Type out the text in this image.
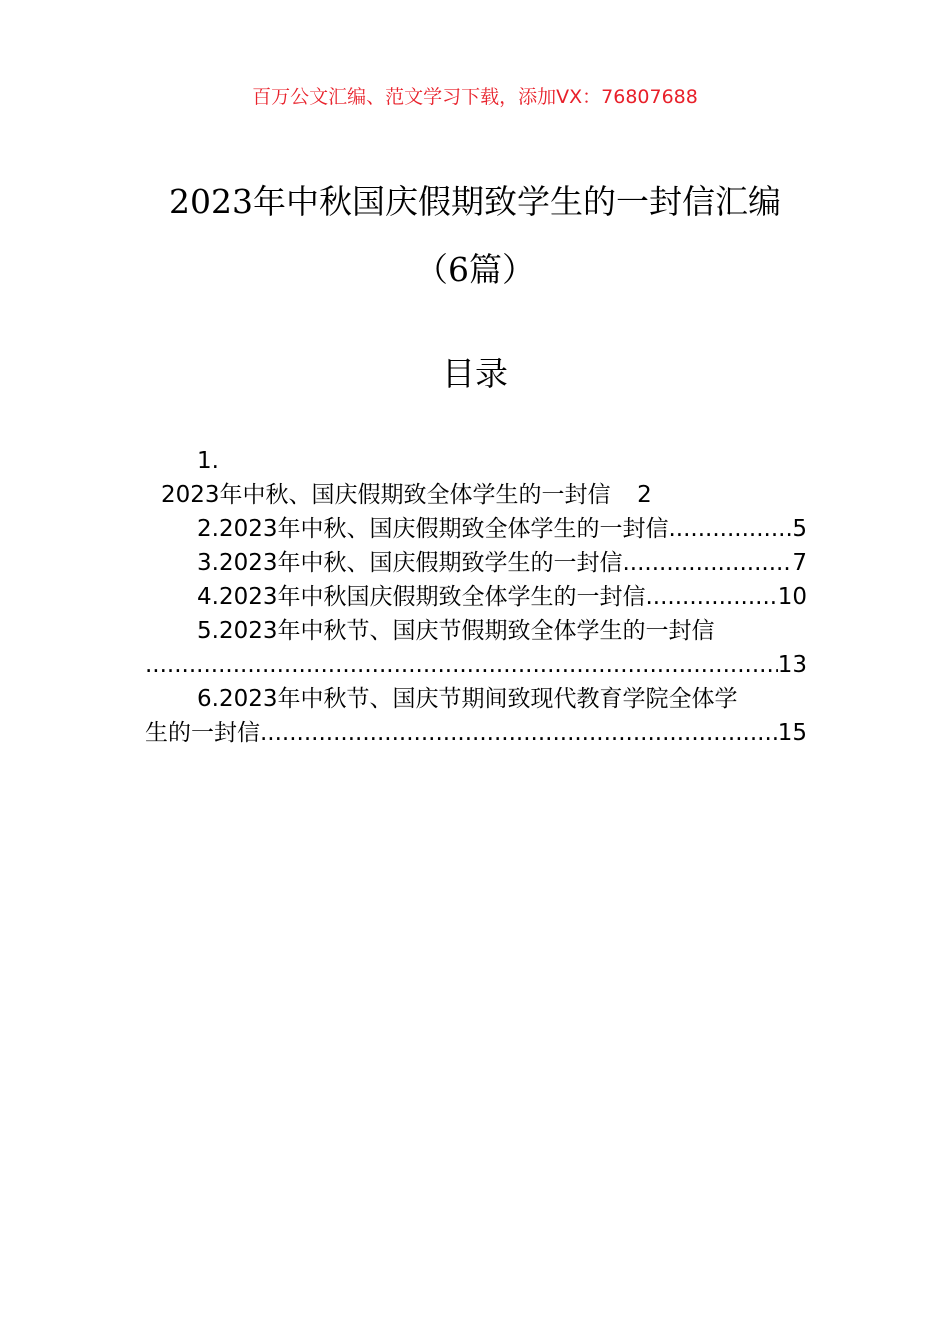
百万公文汇编、范文学习下载，添加VX：76807688
2023年中秋国庆假期致学生的一封信汇编
（6篇）
目录
1.
2023年中秋、国庆假期致全体学生的一封信 2
2.2023年中秋、国庆假期致全体学生的一封信 .....	5
3.2023年中秋、国庆假期致学生的一封信 .....	7
4.2023年中秋国庆假期致全体学生的一封信 .....	10
5.2023年中秋节、国庆节假期致全体学生的一封信
.....
13
6.2023年中秋节、国庆节期间致现代教育学院全体学
生的一封信 .....	15
